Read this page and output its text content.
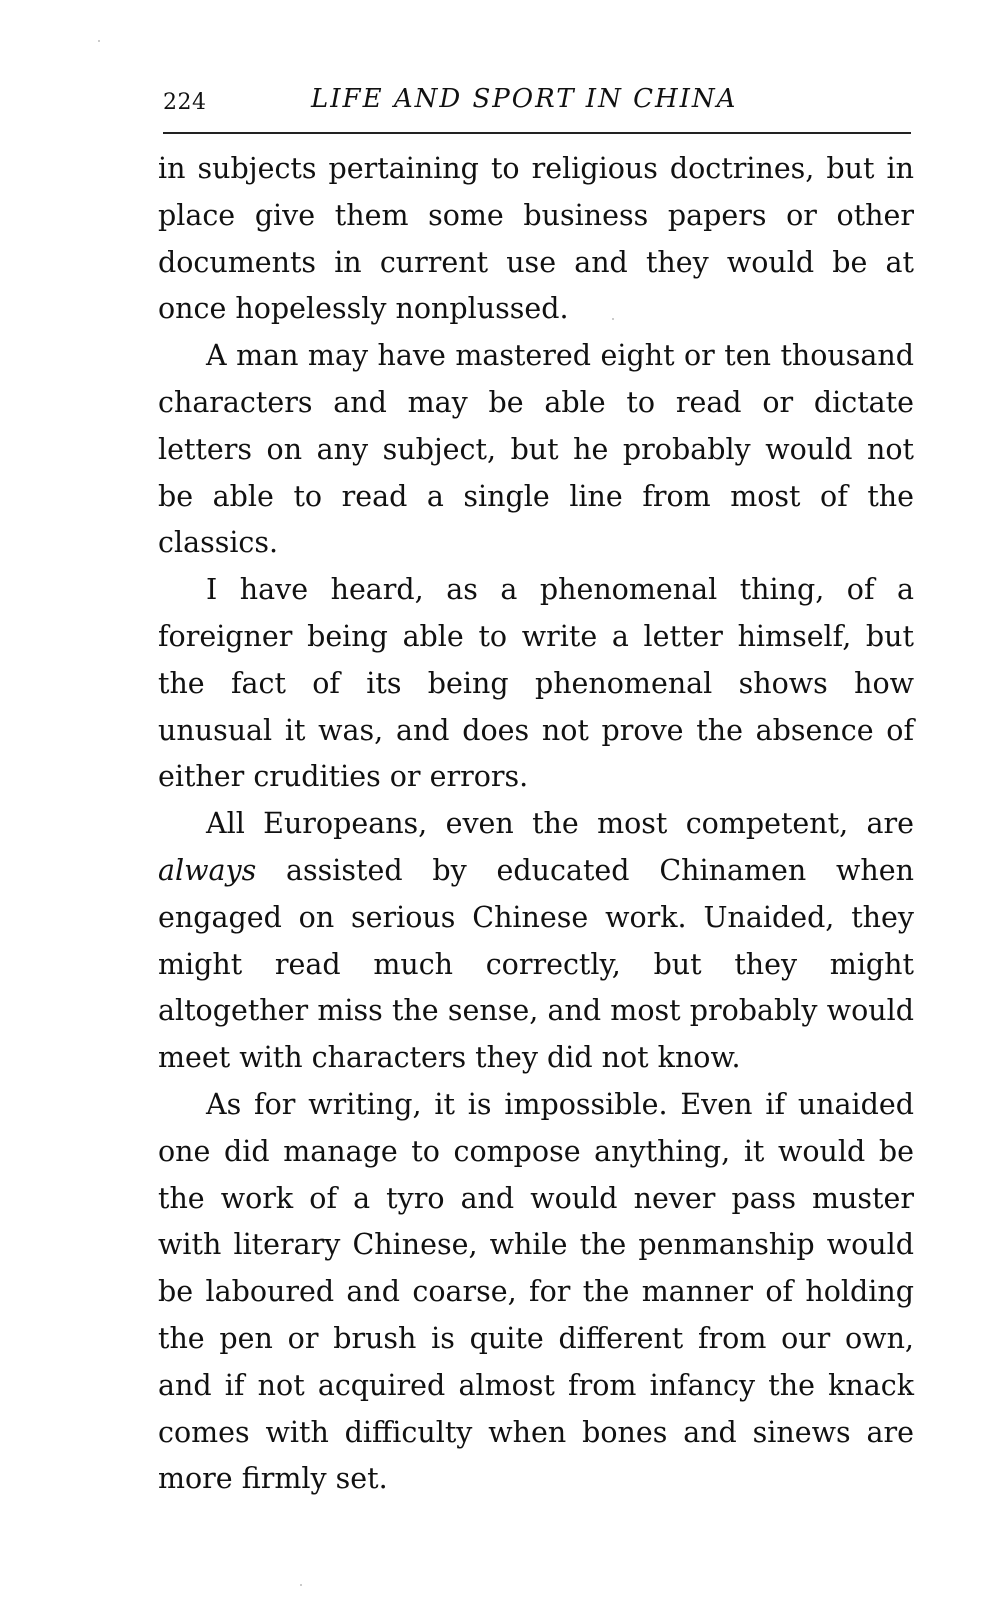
224	LIFE AND SPORT IN CHINA

in subjects pertaining to religious doctrines, but in place give them some business papers or other documents in current use and they would be at once hopelessly nonplussed.

A man may have mastered eight or ten thousand characters and may be able to read or dictate letters on any subject, but he probably would not be able to read a single line from most of the classics.

I have heard, as a phenomenal thing, of a foreigner being able to write a letter himself, but the fact of its being phenomenal shows how unusual it was, and does not prove the absence of either crudities or errors.

All Europeans, even the most competent, are always assisted by educated Chinamen when engaged on serious Chinese work. Unaided, they might read much correctly, but they might altogether miss the sense, and most probably would meet with characters they did not know.

As for writing, it is impossible. Even if unaided one did manage to compose anything, it would be the work of a tyro and would never pass muster with literary Chinese, while the penmanship would be laboured and coarse, for the manner of holding the pen or brush is quite different from our own, and if not acquired almost from infancy the knack comes with difficulty when bones and sinews are more firmly set.
